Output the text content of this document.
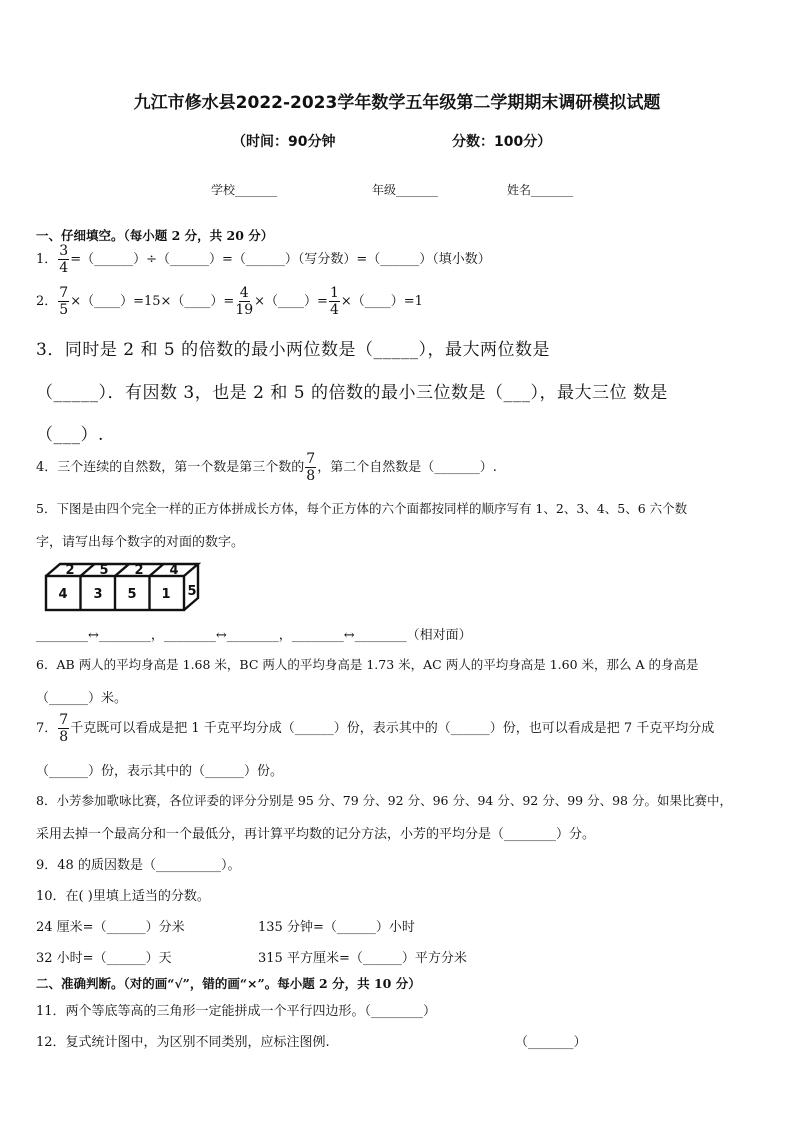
九江市修水县2022-2023学年数学五年级第二学期期末调研模拟试题
（时间：90分钟	分数：100分）
学校_______	年级_______	姓名_______
一、仔细填空。（每小题 2 分，共 20 分）
1． $\frac{3}{4}$ =（______）÷（______）=（______）（写分数）=（______）（填小数）
2． $\frac{7}{5}$ ×（____）=15×（____）= $\frac{4}{19}$ ×（____）= $\frac{1}{4}$ ×（____）=1
3．同时是 2 和 5 的倍数的最小两位数是（_____），最大两位数是
（_____）．有因数 3，也是 2 和 5 的倍数的最小三位数是（___），最大三位 数是
（___）.
4．三个连续的自然数，第一个数是第三个数的 $\frac{7}{8}$ ，第二个自然数是（_______）.
5．下图是由四个完全一样的正方体拼成长方体，每个正方体的六个面都按同样的顺序写有 1、2、3、4、5、6 六个数
字，请写出每个数字的对面的数字。
2 5 2 4
4 3 5 1 5
________↔________，________↔________，________↔________（相对面）
6．AB 两人的平均身高是 1.68 米，BC 两人的平均身高是 1.73 米，AC 两人的平均身高是 1.60 米，那么 A 的身高是
（______）米。
7． $\frac{7}{8}$ 千克既可以看成是把 1 千克平均分成（______）份，表示其中的（______）份，也可以看成是把 7 千克平均分成
（______）份，表示其中的（______）份。
8．小芳参加歌咏比赛，各位评委的评分分别是 95 分、79 分、92 分、96 分、94 分、92 分、99 分、98 分。如果比赛中，
采用去掉一个最高分和一个最低分，再计算平均数的记分方法，小芳的平均分是（________）分。
9．48 的质因数是（__________）。
10．在( )里填上适当的分数。
24 厘米=（______）分米	135 分钟=（______）小时
32 小时=（______）天	315 平方厘米=（______）平方分米
二、准确判断。（对的画“√”，错的画“×”。每小题 2 分，共 10 分）
11．两个等底等高的三角形一定能拼成一个平行四边形。（________）
12．复式统计图中，为区别不同类别，应标注图例.	（_______）
